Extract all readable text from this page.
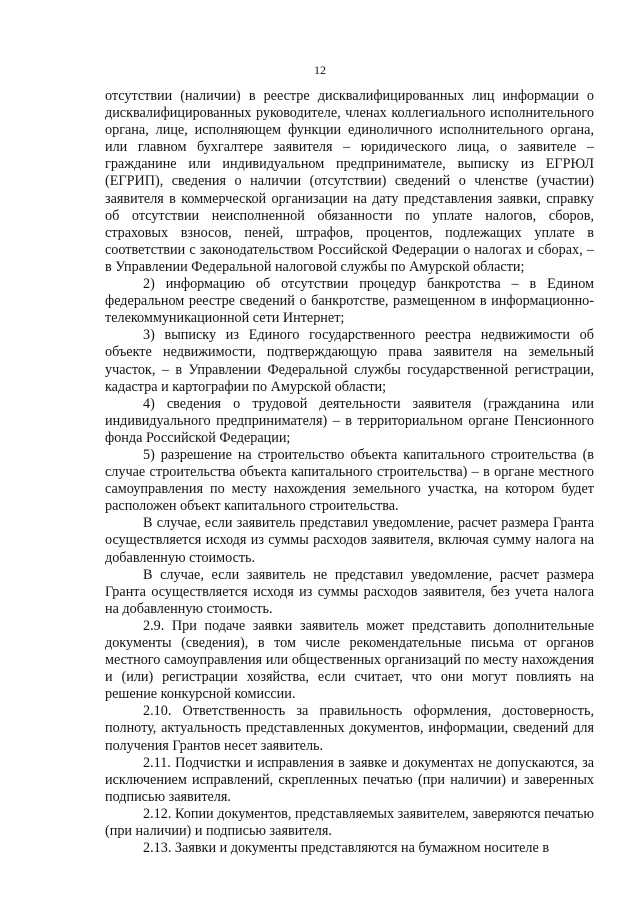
12

отсутствии (наличии) в реестре дисквалифицированных лиц информации о дисквалифицированных руководителе, членах коллегиального исполнительного органа, лице, исполняющем функции единоличного исполнительного органа, или главном бухгалтере заявителя – юридического лица, о заявителе – гражданине или индивидуальном предпринимателе, выписку из ЕГРЮЛ (ЕГРИП), сведения о наличии (отсутствии) сведений о членстве (участии) заявителя в коммерческой организации на дату представления заявки, справку об отсутствии неисполненной обязанности по уплате налогов, сборов, страховых взносов, пеней, штрафов, процентов, подлежащих уплате в соответствии с законодательством Российской Федерации о налогах и сборах, – в Управлении Федеральной налоговой службы по Амурской области;

2) информацию об отсутствии процедур банкротства – в Едином федеральном реестре сведений о банкротстве, размещенном в информационно-телекоммуникационной сети Интернет;

3) выписку из Единого государственного реестра недвижимости об объекте недвижимости, подтверждающую права заявителя на земельный участок, – в Управлении Федеральной службы государственной регистрации, кадастра и картографии по Амурской области;

4) сведения о трудовой деятельности заявителя (гражданина или индивидуального предпринимателя) – в территориальном органе Пенсионного фонда Российской Федерации;

5) разрешение на строительство объекта капитального строительства (в случае строительства объекта капитального строительства) – в органе местного самоуправления по месту нахождения земельного участка, на котором будет расположен объект капитального строительства.

В случае, если заявитель представил уведомление, расчет размера Гранта осуществляется исходя из суммы расходов заявителя, включая сумму налога на добавленную стоимость.

В случае, если заявитель не представил уведомление, расчет размера Гранта осуществляется исходя из суммы расходов заявителя, без учета налога на добавленную стоимость.

2.9. При подаче заявки заявитель может представить дополнительные документы (сведения), в том числе рекомендательные письма от органов местного самоуправления или общественных организаций по месту нахождения и (или) регистрации хозяйства, если считает, что они могут повлиять на решение конкурсной комиссии.

2.10. Ответственность за правильность оформления, достоверность, полноту, актуальность представленных документов, информации, сведений для получения Грантов несет заявитель.

2.11. Подчистки и исправления в заявке и документах не допускаются, за исключением исправлений, скрепленных печатью (при наличии) и заверенных подписью заявителя.

2.12. Копии документов, представляемых заявителем, заверяются печатью (при наличии) и подписью заявителя.

2.13. Заявки и документы представляются на бумажном носителе в
